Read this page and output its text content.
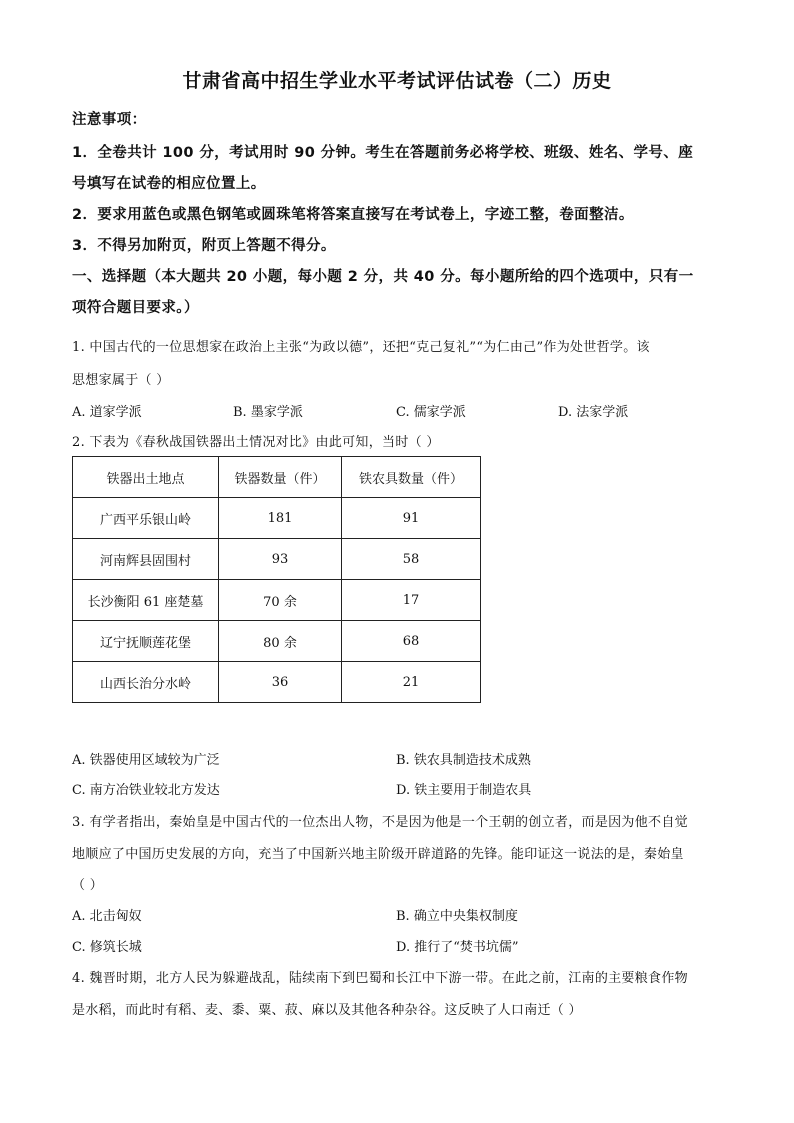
甘肃省高中招生学业水平考试评估试卷（二）历史
注意事项：
1．全卷共计 100 分，考试用时 90 分钟。考生在答题前务必将学校、班级、姓名、学号、座
号填写在试卷的相应位置上。
2．要求用蓝色或黑色钢笔或圆珠笔将答案直接写在考试卷上，字迹工整，卷面整洁。
3．不得另加附页，附页上答题不得分。
一、选择题（本大题共 20 小题，每小题 2 分，共 40 分。每小题所给的四个选项中，只有一
项符合题目要求。）
1. 中国古代的一位思想家在政治上主张“为政以德”，还把“克己复礼”“为仁由己”作为处世哲学。该
思想家属于（ ）
A. 道家学派	B. 墨家学派	C. 儒家学派	D. 法家学派
2. 下表为《春秋战国铁器出土情况对比》由此可知，当时（ ）
铁器出土地点	铁器数量（件）	铁农具数量（件）
广西平乐银山岭	181	91
河南辉县固围村	93	58
长沙衡阳 61 座楚墓	70 余	17
辽宁抚顺莲花堡	80 余	68
山西长治分水岭	36	21
A. 铁器使用区域较为广泛	B. 铁农具制造技术成熟
C. 南方冶铁业较北方发达	D. 铁主要用于制造农具
3. 有学者指出，秦始皇是中国古代的一位杰出人物，不是因为他是一个王朝的创立者，而是因为他不自觉
地顺应了中国历史发展的方向，充当了中国新兴地主阶级开辟道路的先锋。能印证这一说法的是，秦始皇
（ ）
A. 北击匈奴	B. 确立中央集权制度
C. 修筑长城	D. 推行了“焚书坑儒”
4. 魏晋时期，北方人民为躲避战乱，陆续南下到巴蜀和长江中下游一带。在此之前，江南的主要粮食作物
是水稻，而此时有稻、麦、黍、粟、菽、麻以及其他各种杂谷。这反映了人口南迁（ ）
